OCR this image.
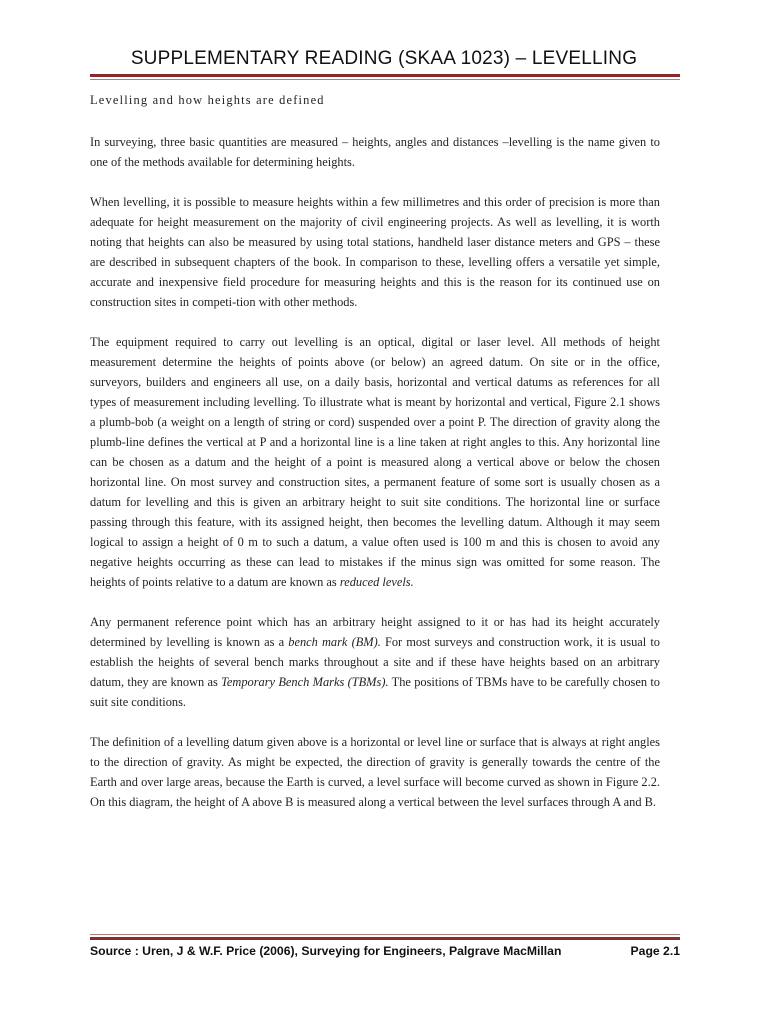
SUPPLEMENTARY READING (SKAA 1023) – LEVELLING

Levelling and how heights are defined

In surveying, three basic quantities are measured – heights, angles and distances –levelling is the name given to one of the methods available for determining heights.

When levelling, it is possible to measure heights within a few millimetres and this order of precision is more than adequate for height measurement on the majority of civil engineering projects. As well as levelling, it is worth noting that heights can also be measured by using total stations, handheld laser distance meters and GPS – these are described in subsequent chapters of the book. In comparison to these, levelling offers a versatile yet simple, accurate and inexpensive field procedure for measuring heights and this is the reason for its continued use on construction sites in competi-tion with other methods.

The equipment required to carry out levelling is an optical, digital or laser level. All methods of height measurement determine the heights of points above (or below) an agreed datum. On site or in the office, surveyors, builders and engineers all use, on a daily basis, horizontal and vertical datums as references for all types of measurement including levelling. To illustrate what is meant by horizontal and vertical, Figure 2.1 shows a plumb-bob (a weight on a length of string or cord) suspended over a point P. The direction of gravity along the plumb-line defines the vertical at P and a horizontal line is a line taken at right angles to this. Any horizontal line can be chosen as a datum and the height of a point is measured along a vertical above or below the chosen horizontal line. On most survey and construction sites, a permanent feature of some sort is usually chosen as a datum for levelling and this is given an arbitrary height to suit site conditions. The horizontal line or surface passing through this feature, with its assigned height, then becomes the levelling datum. Although it may seem logical to assign a height of 0 m to such a datum, a value often used is 100 m and this is chosen to avoid any negative heights occurring as these can lead to mistakes if the minus sign was omitted for some reason. The heights of points relative to a datum are known as reduced levels.

Any permanent reference point which has an arbitrary height assigned to it or has had its height accurately determined by levelling is known as a bench mark (BM). For most surveys and construction work, it is usual to establish the heights of several bench marks throughout a site and if these have heights based on an arbitrary datum, they are known as Temporary Bench Marks (TBMs). The positions of TBMs have to be carefully chosen to suit site conditions.

The definition of a levelling datum given above is a horizontal or level line or surface that is always at right angles to the direction of gravity. As might be expected, the direction of gravity is generally towards the centre of the Earth and over large areas, because the Earth is curved, a level surface will become curved as shown in Figure 2.2. On this diagram, the height of A above B is measured along a vertical between the level surfaces through A and B.

Source : Uren, J & W.F. Price (2006), Surveying for Engineers, Palgrave MacMillan	Page 2.1
